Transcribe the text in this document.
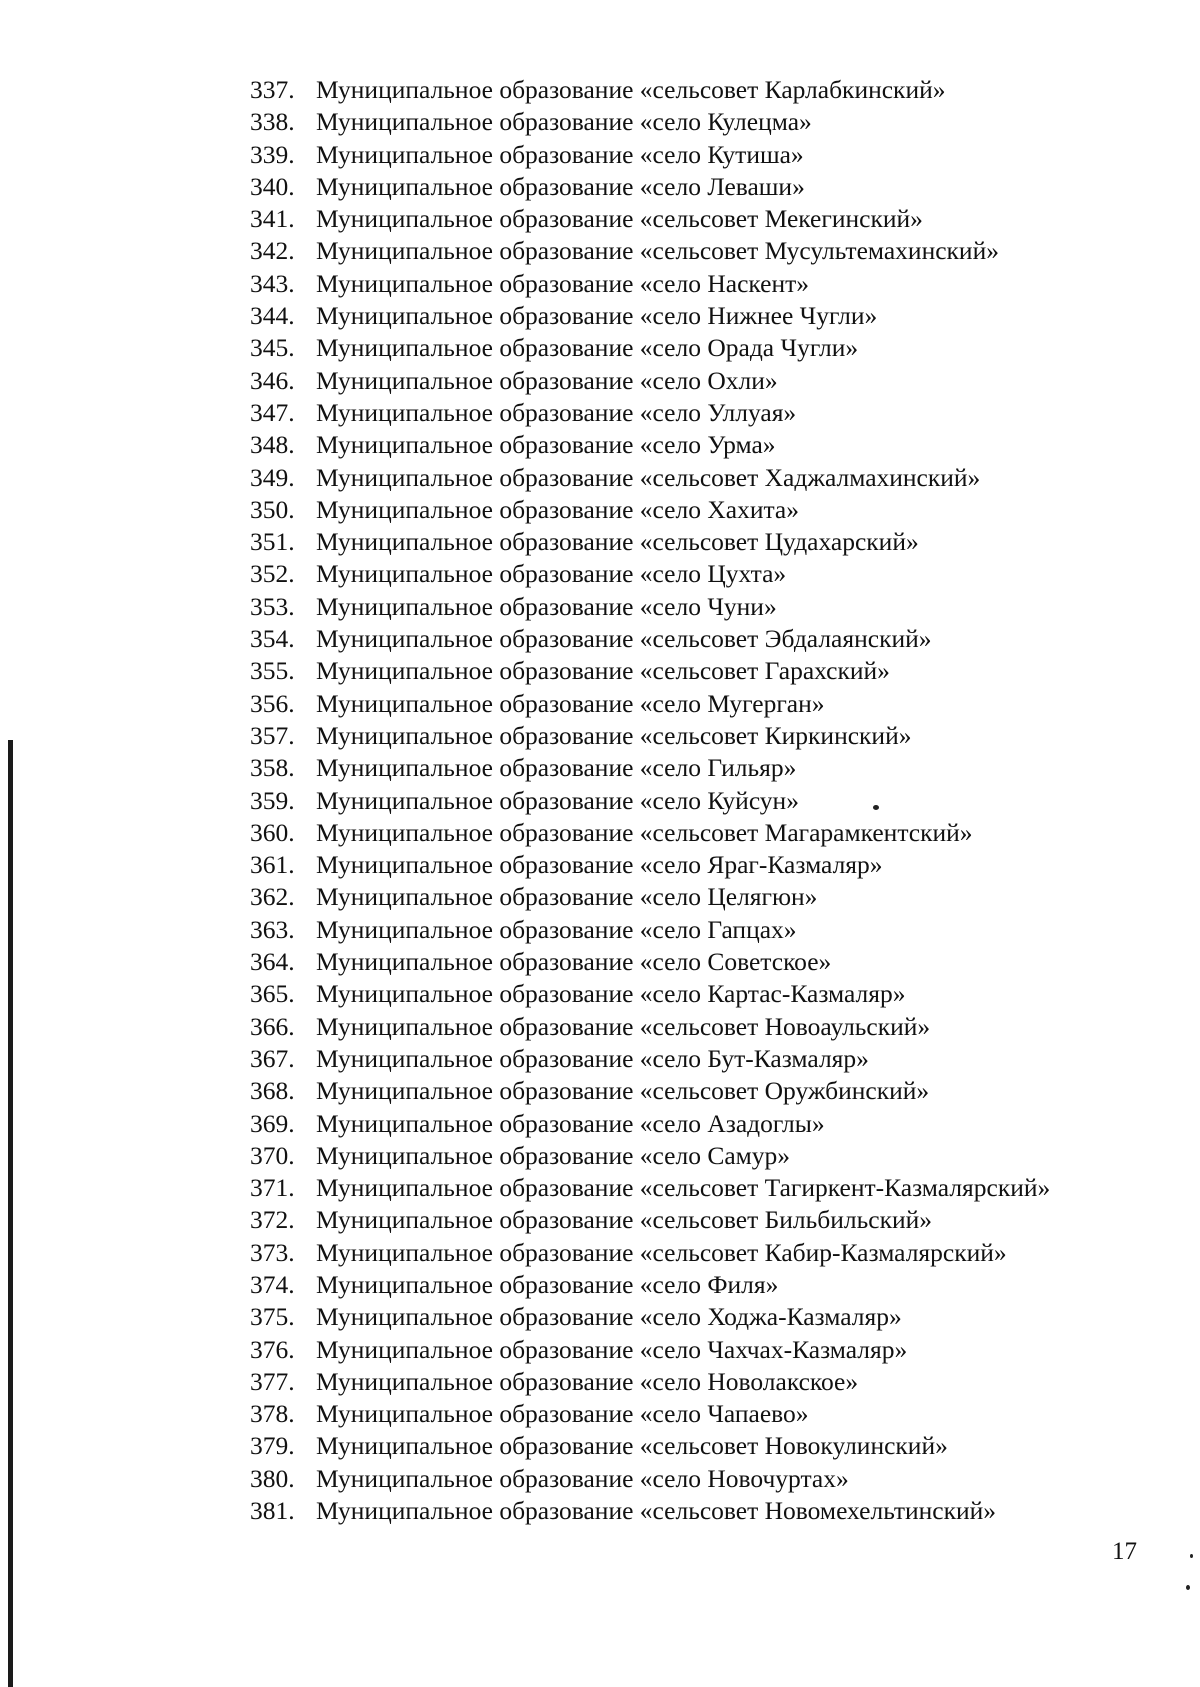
337. Муниципальное образование «сельсовет Карлабкинский»
338. Муниципальное образование «село Кулецма»
339. Муниципальное образование «село Кутиша»
340. Муниципальное образование «село Леваши»
341. Муниципальное образование «сельсовет Мекегинский»
342. Муниципальное образование «сельсовет Мусультемахинский»
343. Муниципальное образование «село Наскент»
344. Муниципальное образование «село Нижнее Чугли»
345. Муниципальное образование «село Орада Чугли»
346. Муниципальное образование «село Охли»
347. Муниципальное образование «село Уллуая»
348. Муниципальное образование «село Урма»
349. Муниципальное образование «сельсовет Хаджалмахинский»
350. Муниципальное образование «село Хахита»
351. Муниципальное образование «сельсовет Цудахарский»
352. Муниципальное образование «село Цухта»
353. Муниципальное образование «село Чуни»
354. Муниципальное образование «сельсовет Эбдалаянский»
355. Муниципальное образование «сельсовет Гарахский»
356. Муниципальное образование «село Мугерган»
357. Муниципальное образование «сельсовет Киркинский»
358. Муниципальное образование «село Гильяр»
359. Муниципальное образование «село Куйсун»
360. Муниципальное образование «сельсовет Магарамкентский»
361. Муниципальное образование «село Яраг-Казмаляр»
362. Муниципальное образование «село Целягюн»
363. Муниципальное образование «село Гапцах»
364. Муниципальное образование «село Советское»
365. Муниципальное образование «село Картас-Казмаляр»
366. Муниципальное образование «сельсовет Новоаульский»
367. Муниципальное образование «село Бут-Казмаляр»
368. Муниципальное образование «сельсовет Оружбинский»
369. Муниципальное образование «село Азадоглы»
370. Муниципальное образование «село Самур»
371. Муниципальное образование «сельсовет Тагиркент-Казмалярский»
372. Муниципальное образование «сельсовет Бильбильский»
373. Муниципальное образование «сельсовет Кабир-Казмалярский»
374. Муниципальное образование «село Филя»
375. Муниципальное образование «село Ходжа-Казмаляр»
376. Муниципальное образование «село Чахчах-Казмаляр»
377. Муниципальное образование «село Новолакское»
378. Муниципальное образование «село Чапаево»
379. Муниципальное образование «сельсовет Новокулинский»
380. Муниципальное образование «село Новочуртах»
381. Муниципальное образование «сельсовет Новомехельтинский»
17
